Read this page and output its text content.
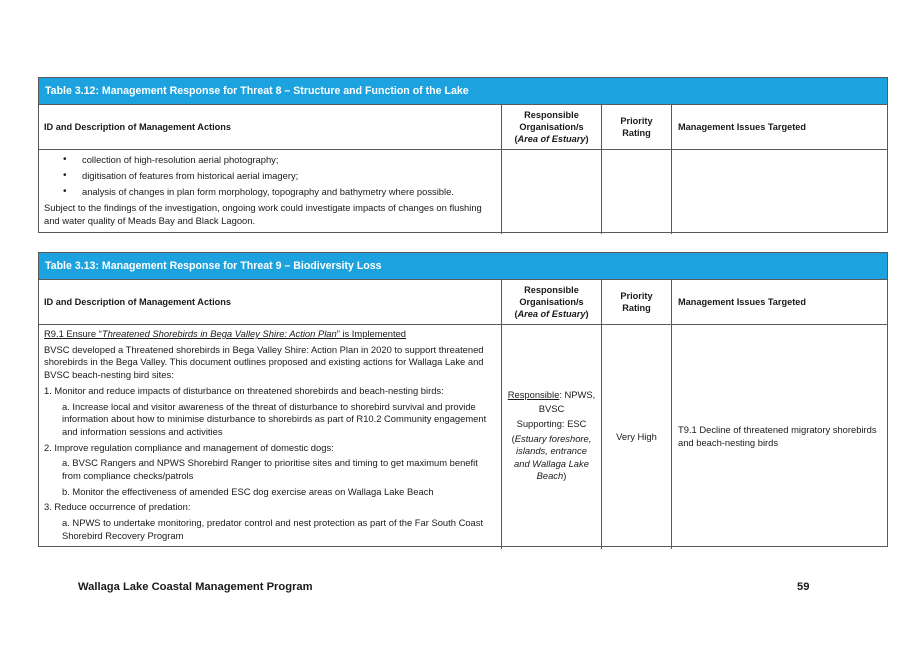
Table 3.12: Management Response for Threat 8 – Structure and Function of the Lake
ID and Description of Management Actions
Responsible
Organisation/s
(Area of Estuary)
Priority
Rating
Management Issues Targeted
• collection of high-resolution aerial photography;
• digitisation of features from historical aerial imagery;
• analysis of changes in plan form morphology, topography and bathymetry where possible.

Subject to the findings of the investigation, ongoing work could investigate impacts of changes on flushing and water quality of Meads Bay and Black Lagoon.

Table 3.13: Management Response for Threat 9 – Biodiversity Loss
ID and Description of Management Actions
Responsible
Organisation/s
(Area of Estuary)
Priority
Rating
Management Issues Targeted

R9.1 Ensure “Threatened Shorebirds in Bega Valley Shire: Action Plan” is Implemented

BVSC developed a Threatened shorebirds in Bega Valley Shire: Action Plan in 2020 to support threatened shorebirds in the Bega Valley. This document outlines proposed and existing actions for Wallaga Lake and BVSC beach-nesting bird sites:

1. Monitor and reduce impacts of disturbance on threatened shorebirds and beach-nesting birds:

a. Increase local and visitor awareness of the threat of disturbance to shorebird survival and provide information about how to minimise disturbance to shorebirds as part of R10.2 Community engagement and information sessions and activities

2. Improve regulation compliance and management of domestic dogs:

a. BVSC Rangers and NPWS Shorebird Ranger to prioritise sites and timing to get maximum benefit from compliance checks/patrols

b. Monitor the effectiveness of amended ESC dog exercise areas on Wallaga Lake Beach

3. Reduce occurrence of predation:

a. NPWS to undertake monitoring, predator control and nest protection as part of the Far South Coast Shorebird Recovery Program

Responsible: NPWS,
BVSC
Supporting: ESC
(Estuary foreshore,
islands, entrance
and Wallaga Lake
Beach)
Very High
T9.1 Decline of threatened migratory shorebirds and beach-nesting birds
Wallaga Lake Coastal Management Program	59
